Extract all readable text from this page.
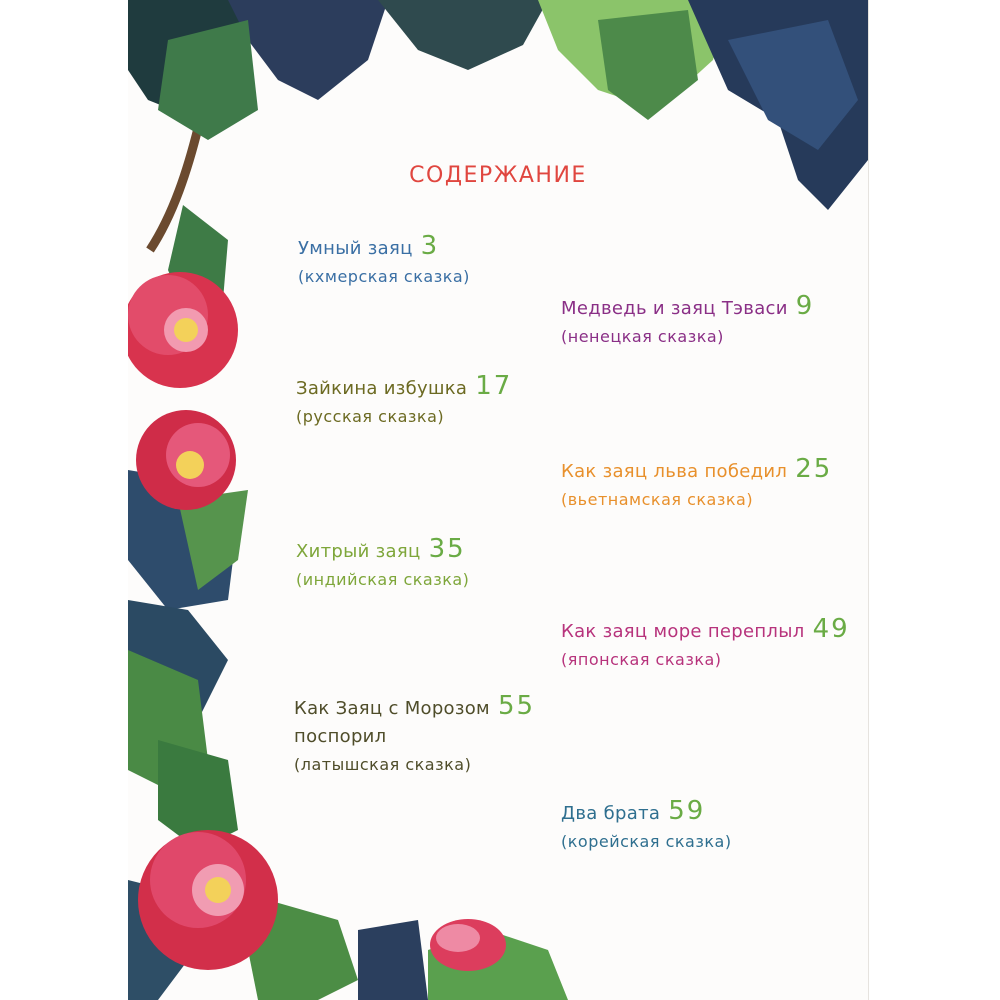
СОДЕРЖАНИЕ
Умный заяц 3
(кхмерская сказка)
Медведь и заяц Тэваси 9
(ненецкая сказка)
Зайкина избушка 17
(русская сказка)
Как заяц льва победил 25
(вьетнамская сказка)
Хитрый заяц 35
(индийская сказка)
Как заяц море переплыл 49
(японская сказка)
Как Заяц с Морозом 55
поспорил
(латышская сказка)
Два брата 59
(корейская сказка)
